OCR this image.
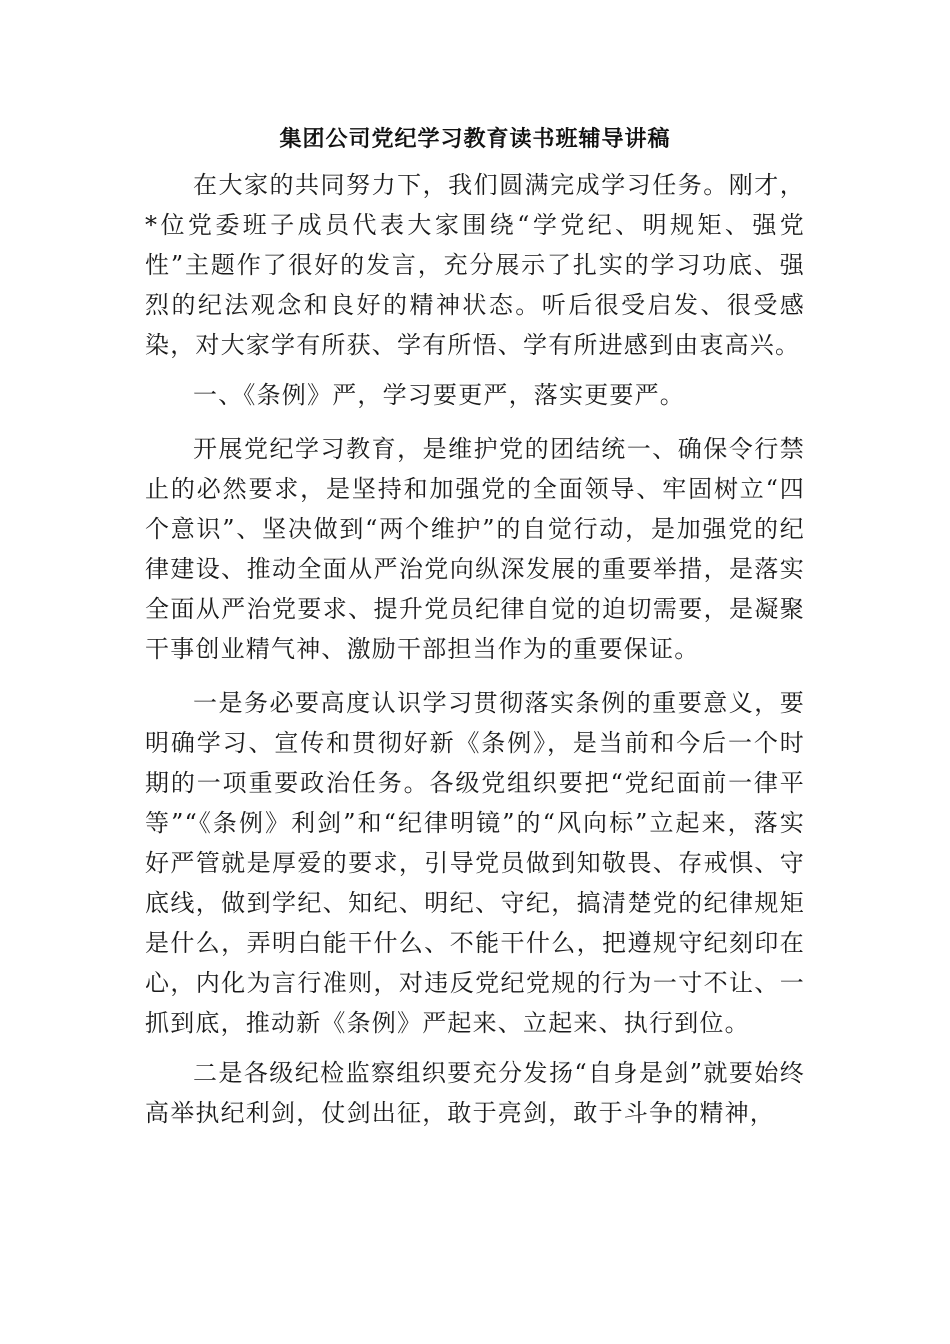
集团公司党纪学习教育读书班辅导讲稿

在大家的共同努力下，我们圆满完成学习任务。刚才，*位党委班子成员代表大家围绕“学党纪、明规矩、强党性”主题作了很好的发言，充分展示了扎实的学习功底、强烈的纪法观念和良好的精神状态。听后很受启发、很受感染，对大家学有所获、学有所悟、学有所进感到由衷高兴。

一、《条例》严，学习要更严，落实更要严。

开展党纪学习教育，是维护党的团结统一、确保令行禁止的必然要求，是坚持和加强党的全面领导、牢固树立“四个意识”、坚决做到“两个维护”的自觉行动，是加强党的纪律建设、推动全面从严治党向纵深发展的重要举措，是落实全面从严治党要求、提升党员纪律自觉的迫切需要，是凝聚干事创业精气神、激励干部担当作为的重要保证。

一是务必要高度认识学习贯彻落实条例的重要意义，要明确学习、宣传和贯彻好新《条例》，是当前和今后一个时期的一项重要政治任务。各级党组织要把“党纪面前一律平等”“《条例》利剑”和“纪律明镜”的“风向标”立起来，落实好严管就是厚爱的要求，引导党员做到知敬畏、存戒惧、守底线，做到学纪、知纪、明纪、守纪，搞清楚党的纪律规矩是什么，弄明白能干什么、不能干什么，把遵规守纪刻印在心，内化为言行准则，对违反党纪党规的行为一寸不让、一抓到底，推动新《条例》严起来、立起来、执行到位。

二是各级纪检监察组织要充分发扬“自身是剑”就要始终高举执纪利剑，仗剑出征，敢于亮剑，敢于斗争的精神，
